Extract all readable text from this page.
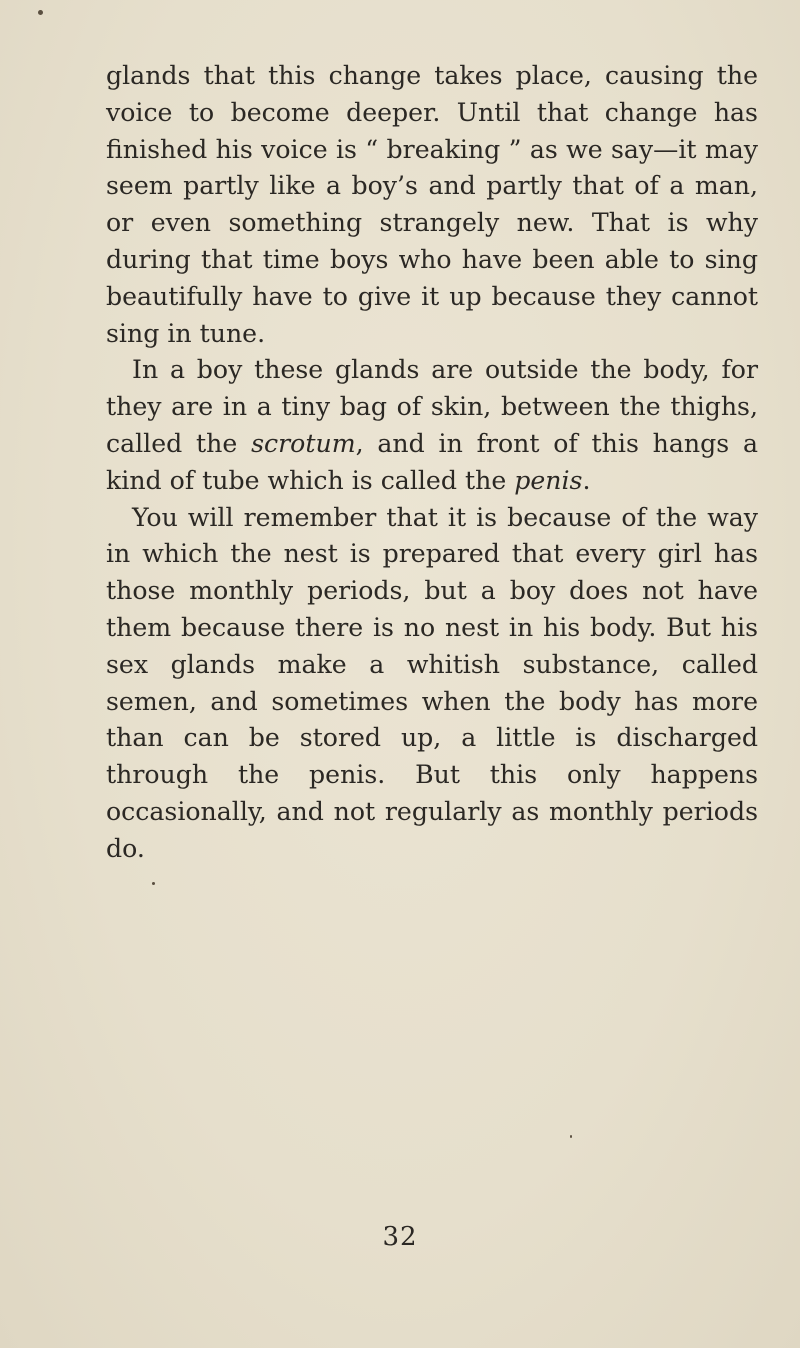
glands that this change takes place, causing the voice to become deeper. Until that change has finished his voice is “ breaking ” as we say—it may seem partly like a boy’s and partly that of a man, or even something strangely new. That is why during that time boys who have been able to sing beautifully have to give it up because they cannot sing in tune.

In a boy these glands are outside the body, for they are in a tiny bag of skin, between the thighs, called the scrotum, and in front of this hangs a kind of tube which is called the penis.

You will remember that it is because of the way in which the nest is prepared that every girl has those monthly periods, but a boy does not have them because there is no nest in his body. But his sex glands make a whitish substance, called semen, and sometimes when the body has more than can be stored up, a little is discharged through the penis. But this only happens occasionally, and not regularly as monthly periods do.

32
